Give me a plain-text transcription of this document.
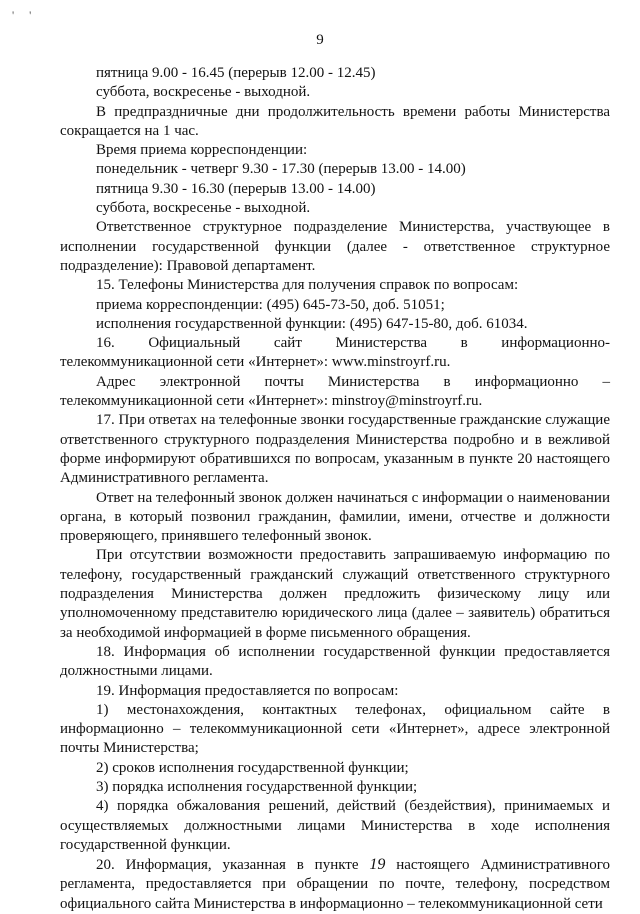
' '
9

пятница 9.00 - 16.45 (перерыв 12.00 - 12.45)

суббота, воскресенье - выходной.

В предпраздничные дни продолжительность времени работы Министерства сокращается на 1 час.

Время приема корреспонденции:

понедельник - четверг 9.30 - 17.30 (перерыв 13.00 - 14.00)

пятница 9.30 - 16.30 (перерыв 13.00 - 14.00)

суббота, воскресенье - выходной.

Ответственное структурное подразделение Министерства, участвующее в исполнении государственной функции (далее - ответственное структурное подразделение): Правовой департамент.

15. Телефоны Министерства для получения справок по вопросам:

приема корреспонденции: (495) 645-73-50, доб. 51051;

исполнения государственной функции: (495) 647-15-80, доб. 61034.

16. Официальный сайт Министерства в информационно-телекоммуникационной сети «Интернет»: www.minstroyrf.ru.

Адрес электронной почты Министерства в информационно – телекоммуникационной сети «Интернет»: minstroy@minstroyrf.ru.

17. При ответах на телефонные звонки государственные гражданские служащие ответственного структурного подразделения Министерства подробно и в вежливой форме информируют обратившихся по вопросам, указанным в пункте 20 настоящего Административного регламента.

Ответ на телефонный звонок должен начинаться с информации о наименовании органа, в который позвонил гражданин, фамилии, имени, отчестве и должности проверяющего, принявшего телефонный звонок.

При отсутствии возможности предоставить запрашиваемую информацию по телефону, государственный гражданский служащий ответственного структурного подразделения Министерства должен предложить физическому лицу или уполномоченному представителю юридического лица (далее – заявитель) обратиться за необходимой информацией в форме письменного обращения.

18. Информация об исполнении государственной функции предоставляется должностными лицами.

19. Информация предоставляется по вопросам:

1) местонахождения, контактных телефонах, официальном сайте в информационно – телекоммуникационной сети «Интернет», адресе электронной почты Министерства;

2) сроков исполнения государственной функции;

3) порядка исполнения государственной функции;

4) порядка обжалования решений, действий (бездействия), принимаемых и осуществляемых должностными лицами Министерства в ходе исполнения государственной функции.

20. Информация, указанная в пункте 19 настоящего Административного регламента, предоставляется при обращении по почте, телефону, посредством официального сайта Министерства в информационно – телекоммуникационной сети
